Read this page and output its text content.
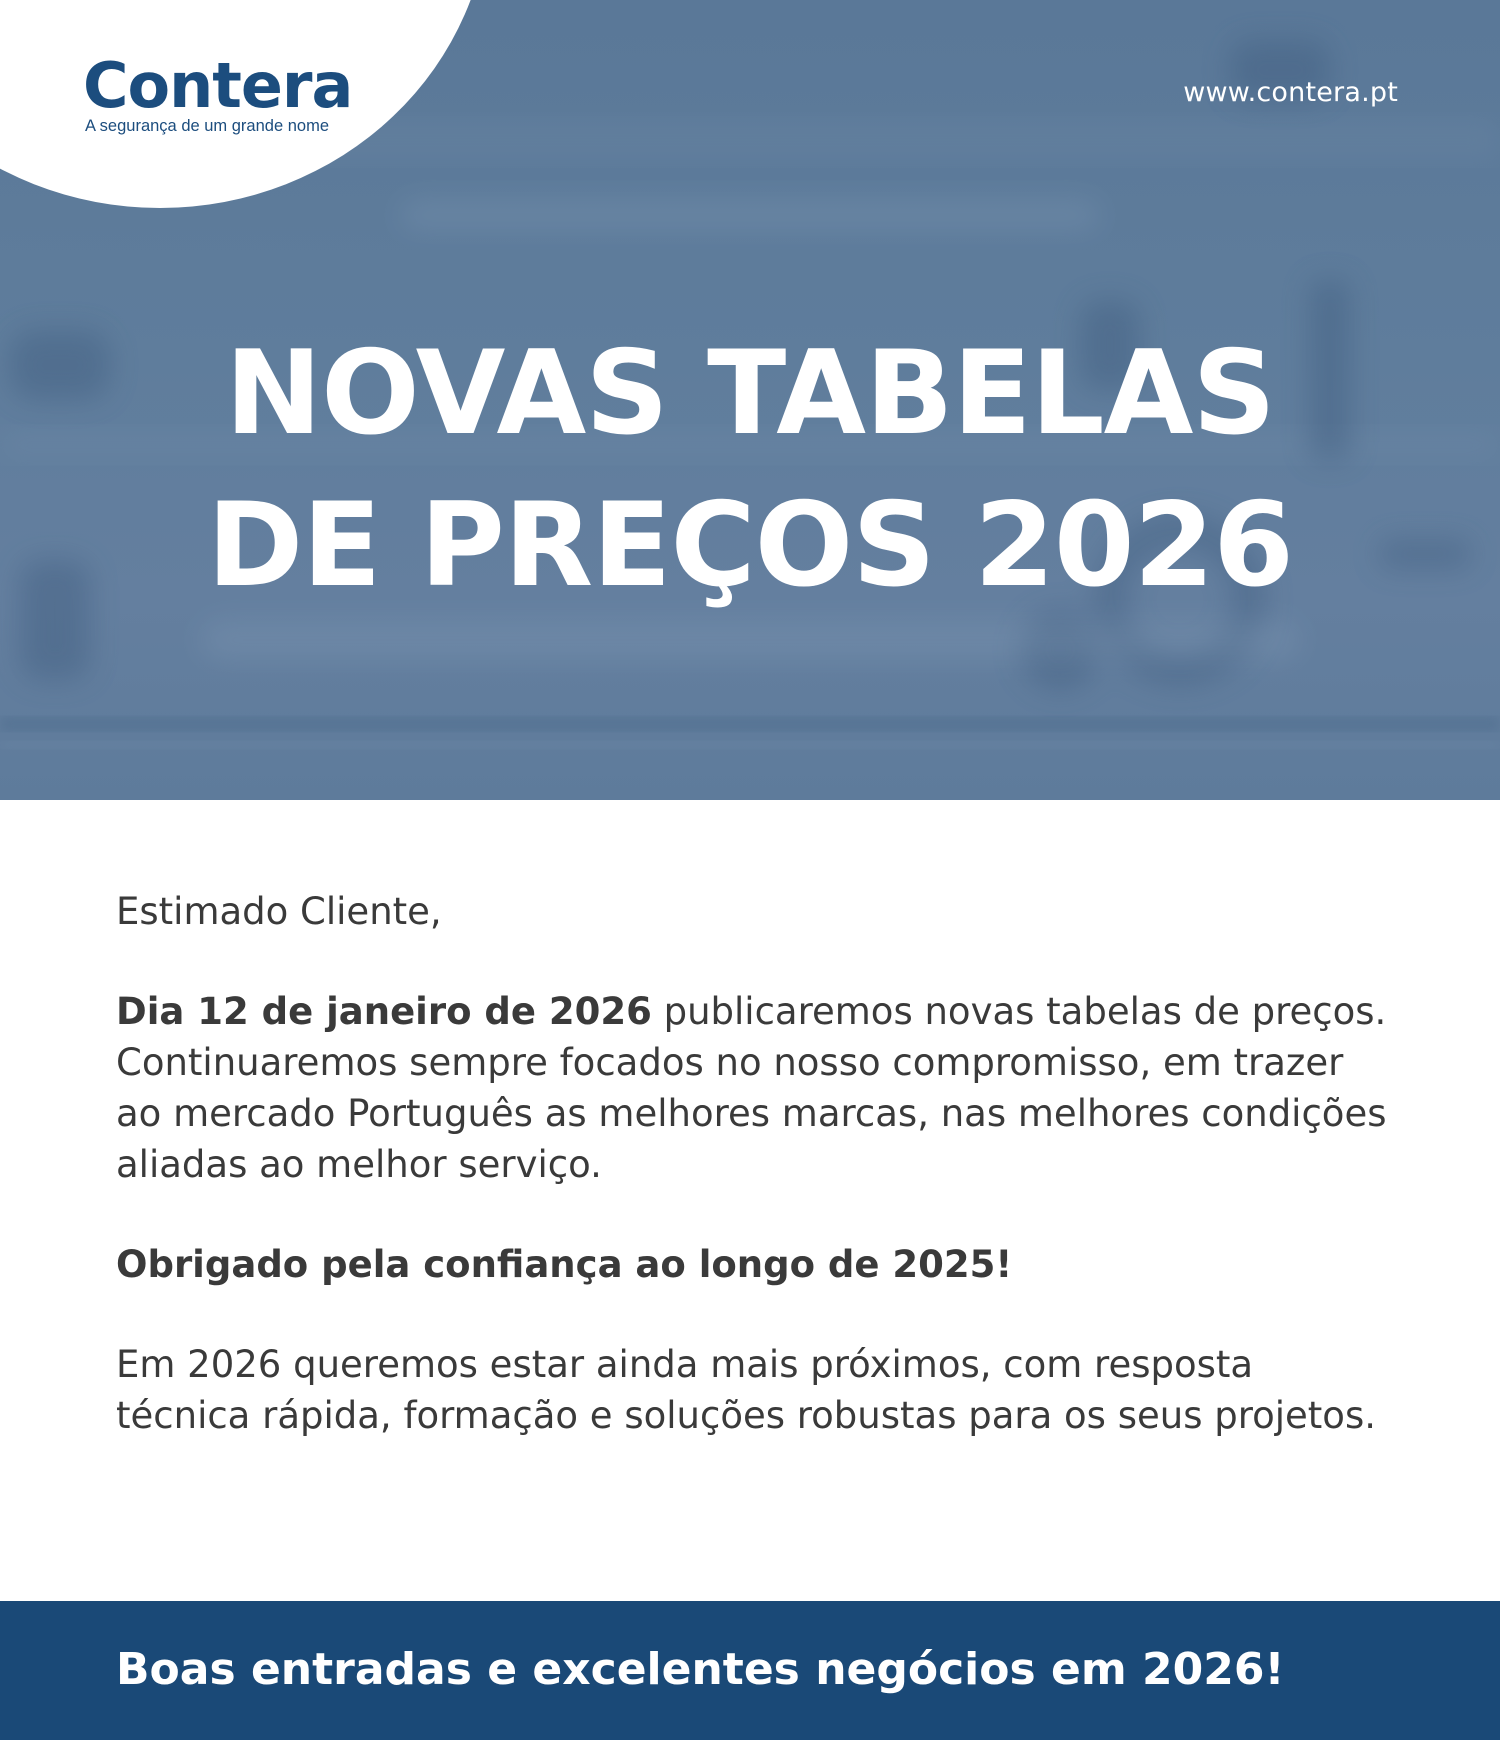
Contera
A segurança de um grande nome
www.contera.pt
NOVAS TABELAS
DE PREÇOS 2026

Estimado Cliente,

Dia 12 de janeiro de 2026 publicaremos novas tabelas de preços. Continuaremos sempre focados no nosso compromisso, em trazer ao mercado Português as melhores marcas, nas melhores condições aliadas ao melhor serviço.

Obrigado pela confiança ao longo de 2025!

Em 2026 queremos estar ainda mais próximos, com resposta técnica rápida, formação e soluções robustas para os seus projetos.

Boas entradas e excelentes negócios em 2026!
